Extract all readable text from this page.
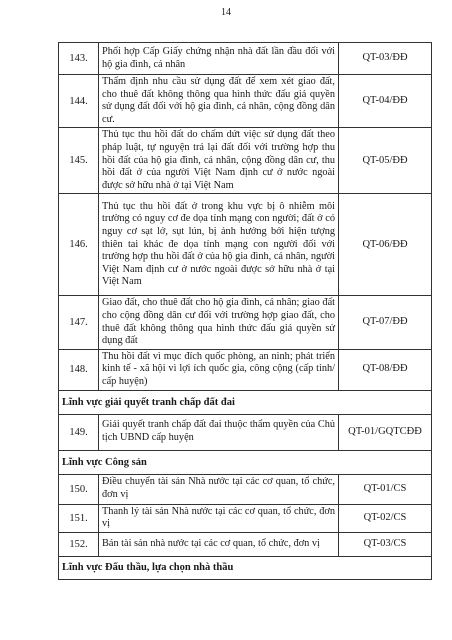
14
143.	Phối hợp Cấp Giấy chứng nhận nhà đất lần đầu đối với hộ gia đình, cá nhân	QT-03/ĐĐ
144.	Thẩm định nhu cầu sử dụng đất để xem xét giao đất, cho thuê đất không thông qua hình thức đấu giá quyền sử dụng đất đối với hộ gia đình, cá nhân, cộng đồng dân cư.	QT-04/ĐĐ
145.	Thủ tục thu hồi đất do chấm dứt việc sử dụng đất theo pháp luật, tự nguyện trả lại đất đối với trường hợp thu hồi đất của hộ gia đình, cá nhân, cộng đồng dân cư, thu hồi đất ở của người Việt Nam định cư ở nước ngoài được sở hữu nhà ở tại Việt Nam	QT-05/ĐĐ
146.	Thủ tục thu hồi đất ở trong khu vực bị ô nhiễm môi trường có nguy cơ đe dọa tính mạng con người; đất ở có nguy cơ sạt lở, sụt lún, bị ảnh hưởng bởi hiện tượng thiên tai khác đe dọa tính mạng con người đối với trường hợp thu hồi đất ở của hộ gia đình, cá nhân, người Việt Nam định cư ở nước ngoài được sở hữu nhà ở tại Việt Nam	QT-06/ĐĐ
147.	Giao đất, cho thuê đất cho hộ gia đình, cá nhân; giao đất cho cộng đồng dân cư đối với trường hợp giao đất, cho thuê đất không thông qua hình thức đấu giá quyền sử dụng đất	QT-07/ĐĐ
148.	Thu hồi đất vì mục đích quốc phòng, an ninh; phát triển kinh tế - xã hội vì lợi ích quốc gia, công cộng (cấp tỉnh/ cấp huyện)	QT-08/ĐĐ
Lĩnh vực giải quyết tranh chấp đất đai		
149.	Giải quyết tranh chấp đất đai thuộc thẩm quyền của Chủ tịch UBND cấp huyện	QT-01/GQTCĐĐ
Lĩnh vực Công sản		
150.	Điều chuyển tài sản Nhà nước tại các cơ quan, tổ chức, đơn vị	QT-01/CS
151.	Thanh lý tài sản Nhà nước tại các cơ quan, tổ chức, đơn vị	QT-02/CS
152.	Bán tài sản nhà nước tại các cơ quan, tổ chức, đơn vị	QT-03/CS
Lĩnh vực Đấu thầu, lựa chọn nhà thầu		
